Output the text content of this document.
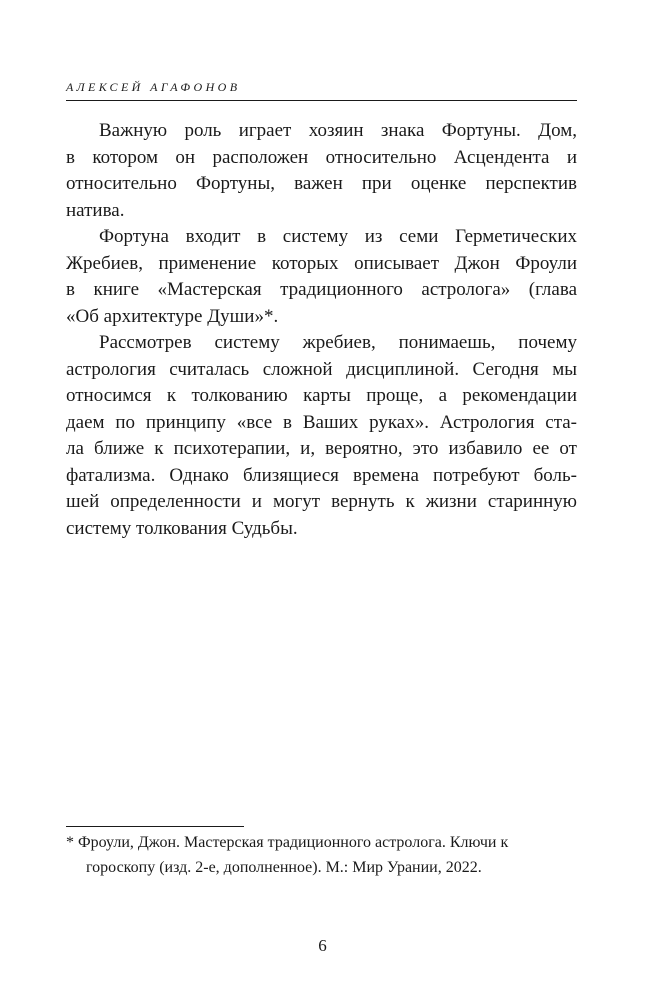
АЛЕКСЕЙ АГАФОНОВ
Важную роль играет хозяин знака Фортуны. Дом,
в котором он расположен относительно Асцендента и
относительно Фортуны, важен при оценке перспектив
натива.
Фортуна входит в систему из семи Герметических
Жребиев, применение которых описывает Джон Фроули
в книге «Мастерская традиционного астролога» (глава
«Об архитектуре Души»*.
Рассмотрев систему жребиев, понимаешь, почему
астрология считалась сложной дисциплиной. Сегодня мы
относимся к толкованию карты проще, а рекомендации
даем по принципу «все в Ваших руках». Астрология ста-
ла ближе к психотерапии, и, вероятно, это избавило ее от
фатализма. Однако близящиеся времена потребуют боль-
шей определенности и могут вернуть к жизни старинную
систему толкования Судьбы.
* Фроули, Джон. Мастерская традиционного астролога. Ключи к
гороскопу (изд. 2-е, дополненное). М.: Мир Урании, 2022.
6
